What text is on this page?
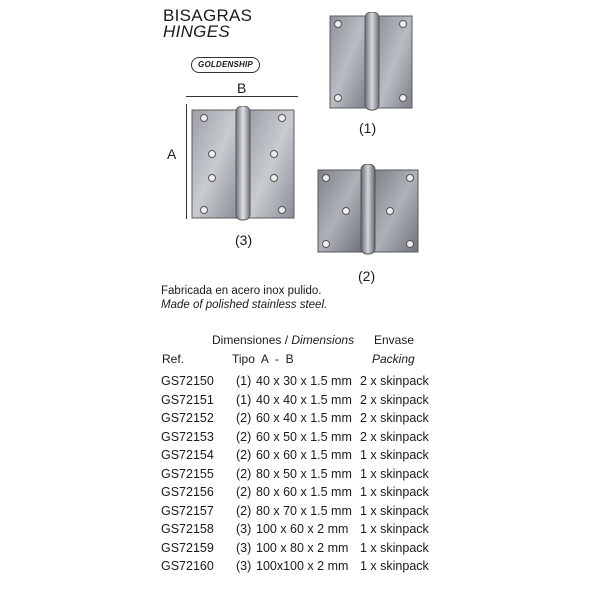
BISAGRAS
HINGES
GOLDENSHIP
(1)
B
A
(3)
(2)
Fabricada en acero inox pulido.
Made of polished stainless steel.
Dimensiones / Dimensions Envase
Ref.	Tipo  A  -  B	Packing
GS72150	(1)	40 x 30 x 1.5 mm	2 x skinpack
GS72151	(1)	40 x 40 x 1.5 mm	2 x skinpack
GS72152	(2)	60 x 40 x 1.5 mm	2 x skinpack
GS72153	(2)	60 x 50 x 1.5 mm	2 x skinpack
GS72154	(2)	60 x 60 x 1.5 mm	1 x skinpack
GS72155	(2)	80 x 50 x 1.5 mm	1 x skinpack
GS72156	(2)	80 x 60 x 1.5 mm	1 x skinpack
GS72157	(2)	80 x 70 x 1.5 mm	1 x skinpack
GS72158	(3)	100 x 60 x 2 mm	1 x skinpack
GS72159	(3)	100 x 80 x 2 mm	1 x skinpack
GS72160	(3)	100x100 x 2 mm	1 x skinpack
